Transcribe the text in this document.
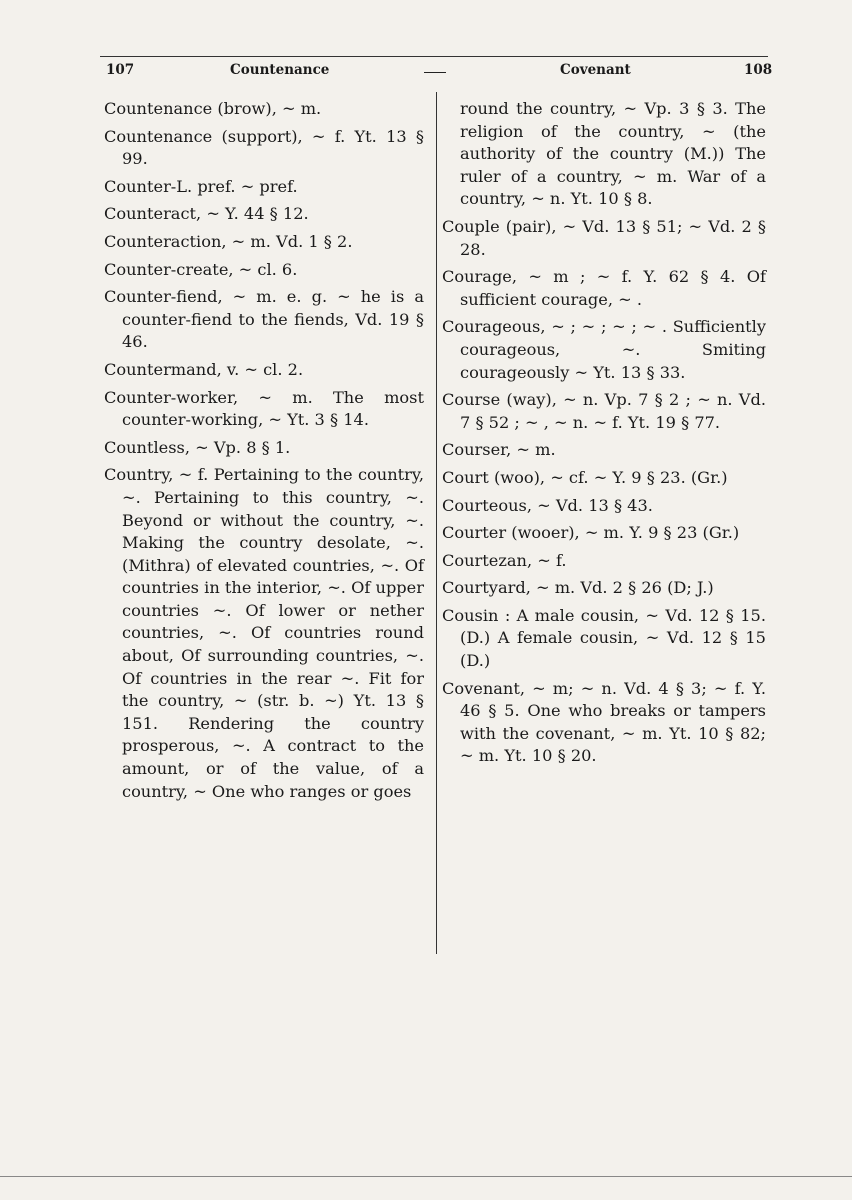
107	Countenance	Covenant	108

Countenance (brow), ~ m.

Countenance (support), ~ f. Yt. 13 § 99.

Counter-L. pref. ~ pref.

Counteract, ~ Y. 44 § 12.

Counteraction, ~ m. Vd. 1 § 2.

Counter-create, ~ cl. 6.

Counter-fiend, ~ m. e. g. ~ he is a counter-fiend to the fiends, Vd. 19 § 46.

Countermand, v. ~ cl. 2.

Counter-worker, ~ m. The most counter-working, ~ Yt. 3 § 14.

Countless, ~ Vp. 8 § 1.

Country, ~ f. Pertaining to the country, ~. Pertaining to this country, ~. Beyond or without the country, ~. Making the country desolate, ~. (Mithra) of elevated countries, ~. Of countries in the interior, ~. Of upper countries ~. Of lower or nether countries, ~. Of countries round about, Of surrounding countries, ~. Of countries in the rear ~. Fit for the country, ~ (str. b. ~) Yt. 13 § 151. Rendering the country prosperous, ~. A contract to the amount, or of the value, of a country, ~ One who ranges or goes

round the country, ~ Vp. 3 § 3. The religion of the country, ~ (the authority of the country (M.)) The ruler of a country, ~ m. War of a country, ~ n. Yt. 10 § 8.

Couple (pair), ~ Vd. 13 § 51; ~ Vd. 2 § 28.

Courage, ~ m ; ~ f. Y. 62 § 4. Of sufficient courage, ~ .

Courageous, ~ ; ~ ; ~ ; ~ . Sufficiently courageous, ~. Smiting courageously ~ Yt. 13 § 33.

Course (way), ~ n. Vp. 7 § 2 ; ~ n. Vd. 7 § 52 ; ~ , ~ n. ~ f. Yt. 19 § 77.

Courser, ~ m.

Court (woo), ~ cf. ~ Y. 9 § 23. (Gr.)

Courteous, ~ Vd. 13 § 43.

Courter (wooer), ~ m. Y. 9 § 23 (Gr.)

Courtezan, ~ f.

Courtyard, ~ m. Vd. 2 § 26 (D; J.)

Cousin : A male cousin, ~ Vd. 12 § 15. (D.) A female cousin, ~ Vd. 12 § 15 (D.)

Covenant, ~ m; ~ n. Vd. 4 § 3; ~ f. Y. 46 § 5. One who breaks or tampers with the covenant, ~ m. Yt. 10 § 82; ~ m. Yt. 10 § 20.
